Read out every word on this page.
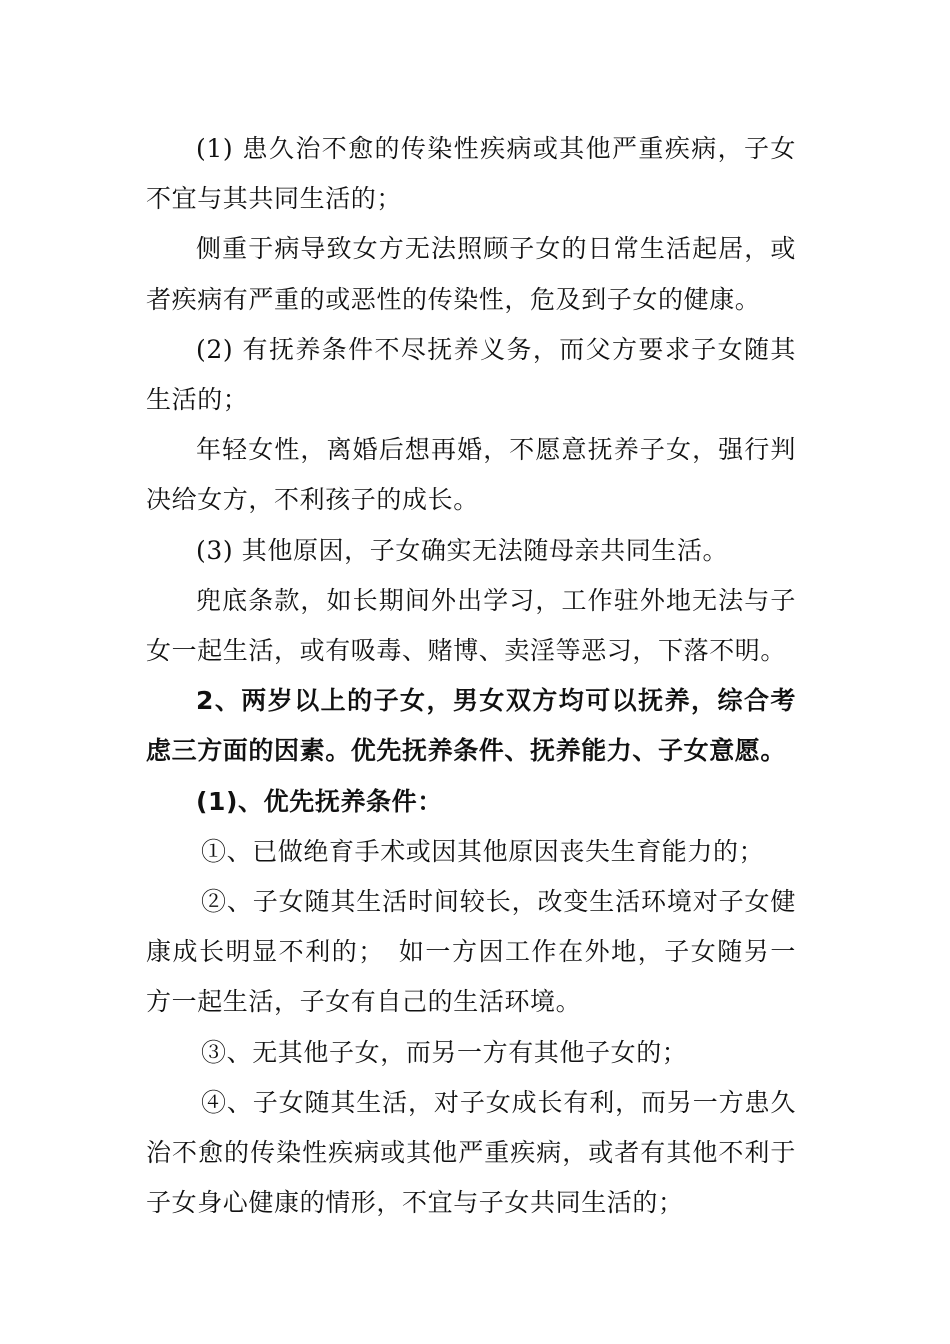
(1) 患久治不愈的传染性疾病或其他严重疾病，子女不宜与其共同生活的；

侧重于病导致女方无法照顾子女的日常生活起居，或者疾病有严重的或恶性的传染性，危及到子女的健康。

(2) 有抚养条件不尽抚养义务，而父方要求子女随其生活的；

年轻女性，离婚后想再婚，不愿意抚养子女，强行判决给女方，不利孩子的成长。

(3) 其他原因，子女确实无法随母亲共同生活。

兜底条款，如长期间外出学习，工作驻外地无法与子女一起生活，或有吸毒、赌博、卖淫等恶习，下落不明。

2、两岁以上的子女，男女双方均可以抚养，综合考虑三方面的因素。优先抚养条件、抚养能力、子女意愿。

(1)、优先抚养条件：

①、已做绝育手术或因其他原因丧失生育能力的；

②、子女随其生活时间较长，改变生活环境对子女健康成长明显不利的；　如一方因工作在外地，子女随另一方一起生活，子女有自己的生活环境。

③、无其他子女，而另一方有其他子女的；

④、子女随其生活，对子女成长有利，而另一方患久治不愈的传染性疾病或其他严重疾病，或者有其他不利于子女身心健康的情形，不宜与子女共同生活的；
